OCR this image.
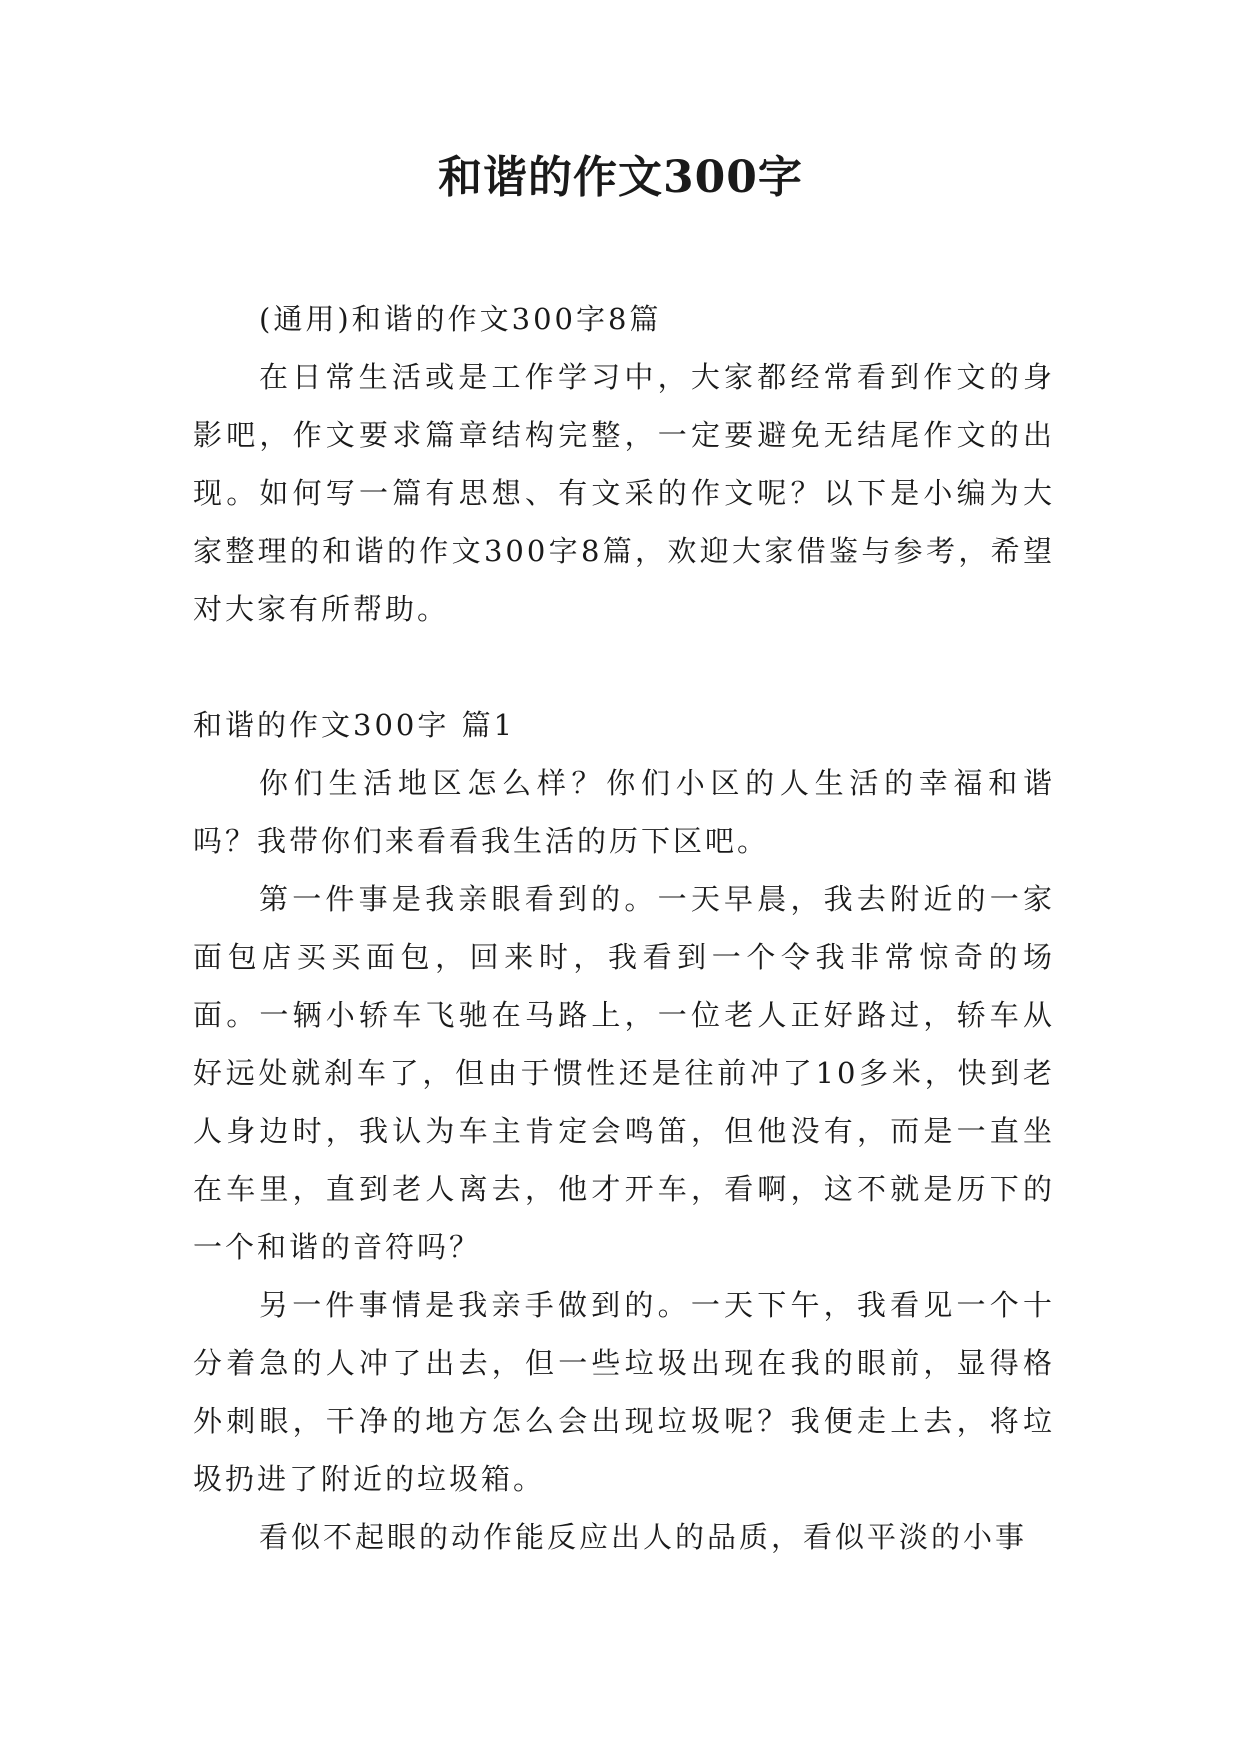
和谐的作文300字

(通用)和谐的作文300字8篇

在日常生活或是工作学习中，大家都经常看到作文的身影吧，作文要求篇章结构完整，一定要避免无结尾作文的出现。如何写一篇有思想、有文采的作文呢？以下是小编为大家整理的和谐的作文300字8篇，欢迎大家借鉴与参考，希望对大家有所帮助。

和谐的作文300字 篇1

你们生活地区怎么样？你们小区的人生活的幸福和谐吗？我带你们来看看我生活的历下区吧。

第一件事是我亲眼看到的。一天早晨，我去附近的一家面包店买买面包，回来时，我看到一个令我非常惊奇的场面。一辆小轿车飞驰在马路上，一位老人正好路过，轿车从好远处就刹车了，但由于惯性还是往前冲了10多米，快到老人身边时，我认为车主肯定会鸣笛，但他没有，而是一直坐在车里，直到老人离去，他才开车，看啊，这不就是历下的一个和谐的音符吗？

另一件事情是我亲手做到的。一天下午，我看见一个十分着急的人冲了出去，但一些垃圾出现在我的眼前，显得格外刺眼，干净的地方怎么会出现垃圾呢？我便走上去，将垃圾扔进了附近的垃圾箱。

看似不起眼的动作能反应出人的品质，看似平淡的小事
